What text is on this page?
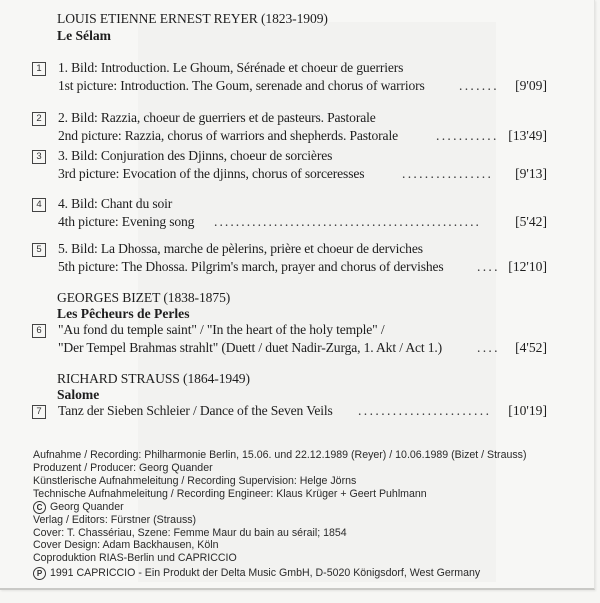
LOUIS ETIENNE ERNEST REYER (1823-1909)
Le Sélam
1	1. Bild: Introduction. Le Ghoum, Sérénade et choeur de guerriers
1st picture: Introduction. The Goum, serenade and chorus of warriors	....... [9'09]
2	2. Bild: Razzia, choeur de guerriers et de pasteurs. Pastorale
2nd picture: Razzia, chorus of warriors and shepherds. Pastorale	........... [13'49]
3	3. Bild: Conjuration des Djinns, choeur de sorcières
3rd picture: Evocation of the djinns, chorus of sorceresses	................ [9'13]
4	4. Bild: Chant du soir
4th picture: Evening song .................................................	[5'42]
5	5. Bild: La Dhossa, marche de pèlerins, prière et choeur de derviches
5th picture: The Dhossa. Pilgrim's march, prayer and chorus of dervishes .... [12'10]
GEORGES BIZET (1838-1875)
Les Pêcheurs de Perles
6	"Au fond du temple saint" / "In the heart of the holy temple" /
"Der Tempel Brahmas strahlt" (Duett / duet Nadir-Zurga, 1. Akt / Act 1.)	.... [4'52]
RICHARD STRAUSS (1864-1949)
Salome
7	Tanz der Sieben Schleier / Dance of the Seven Veils ....................... [10'19]
Aufnahme / Recording: Philharmonie Berlin, 15.06. und 22.12.1989 (Reyer) / 10.06.1989 (Bizet / Strauss)
Produzent / Producer: Georg Quander
Künstlerische Aufnahmeleitung / Recording Supervision: Helge Jörns
Technische Aufnahmeleitung / Recording Engineer: Klaus Krüger + Geert Puhlmann
C Georg Quander
Verlag / Editors: Fürstner (Strauss)
Cover: T. Chassériau, Szene: Femme Maur du bain au sérail; 1854
Cover Design: Adam Backhausen, Köln
Coproduktion RIAS-Berlin und CAPRICCIO
P 1991 CAPRICCIO - Ein Produkt der Delta Music GmbH, D-5020 Königsdorf, West Germany
